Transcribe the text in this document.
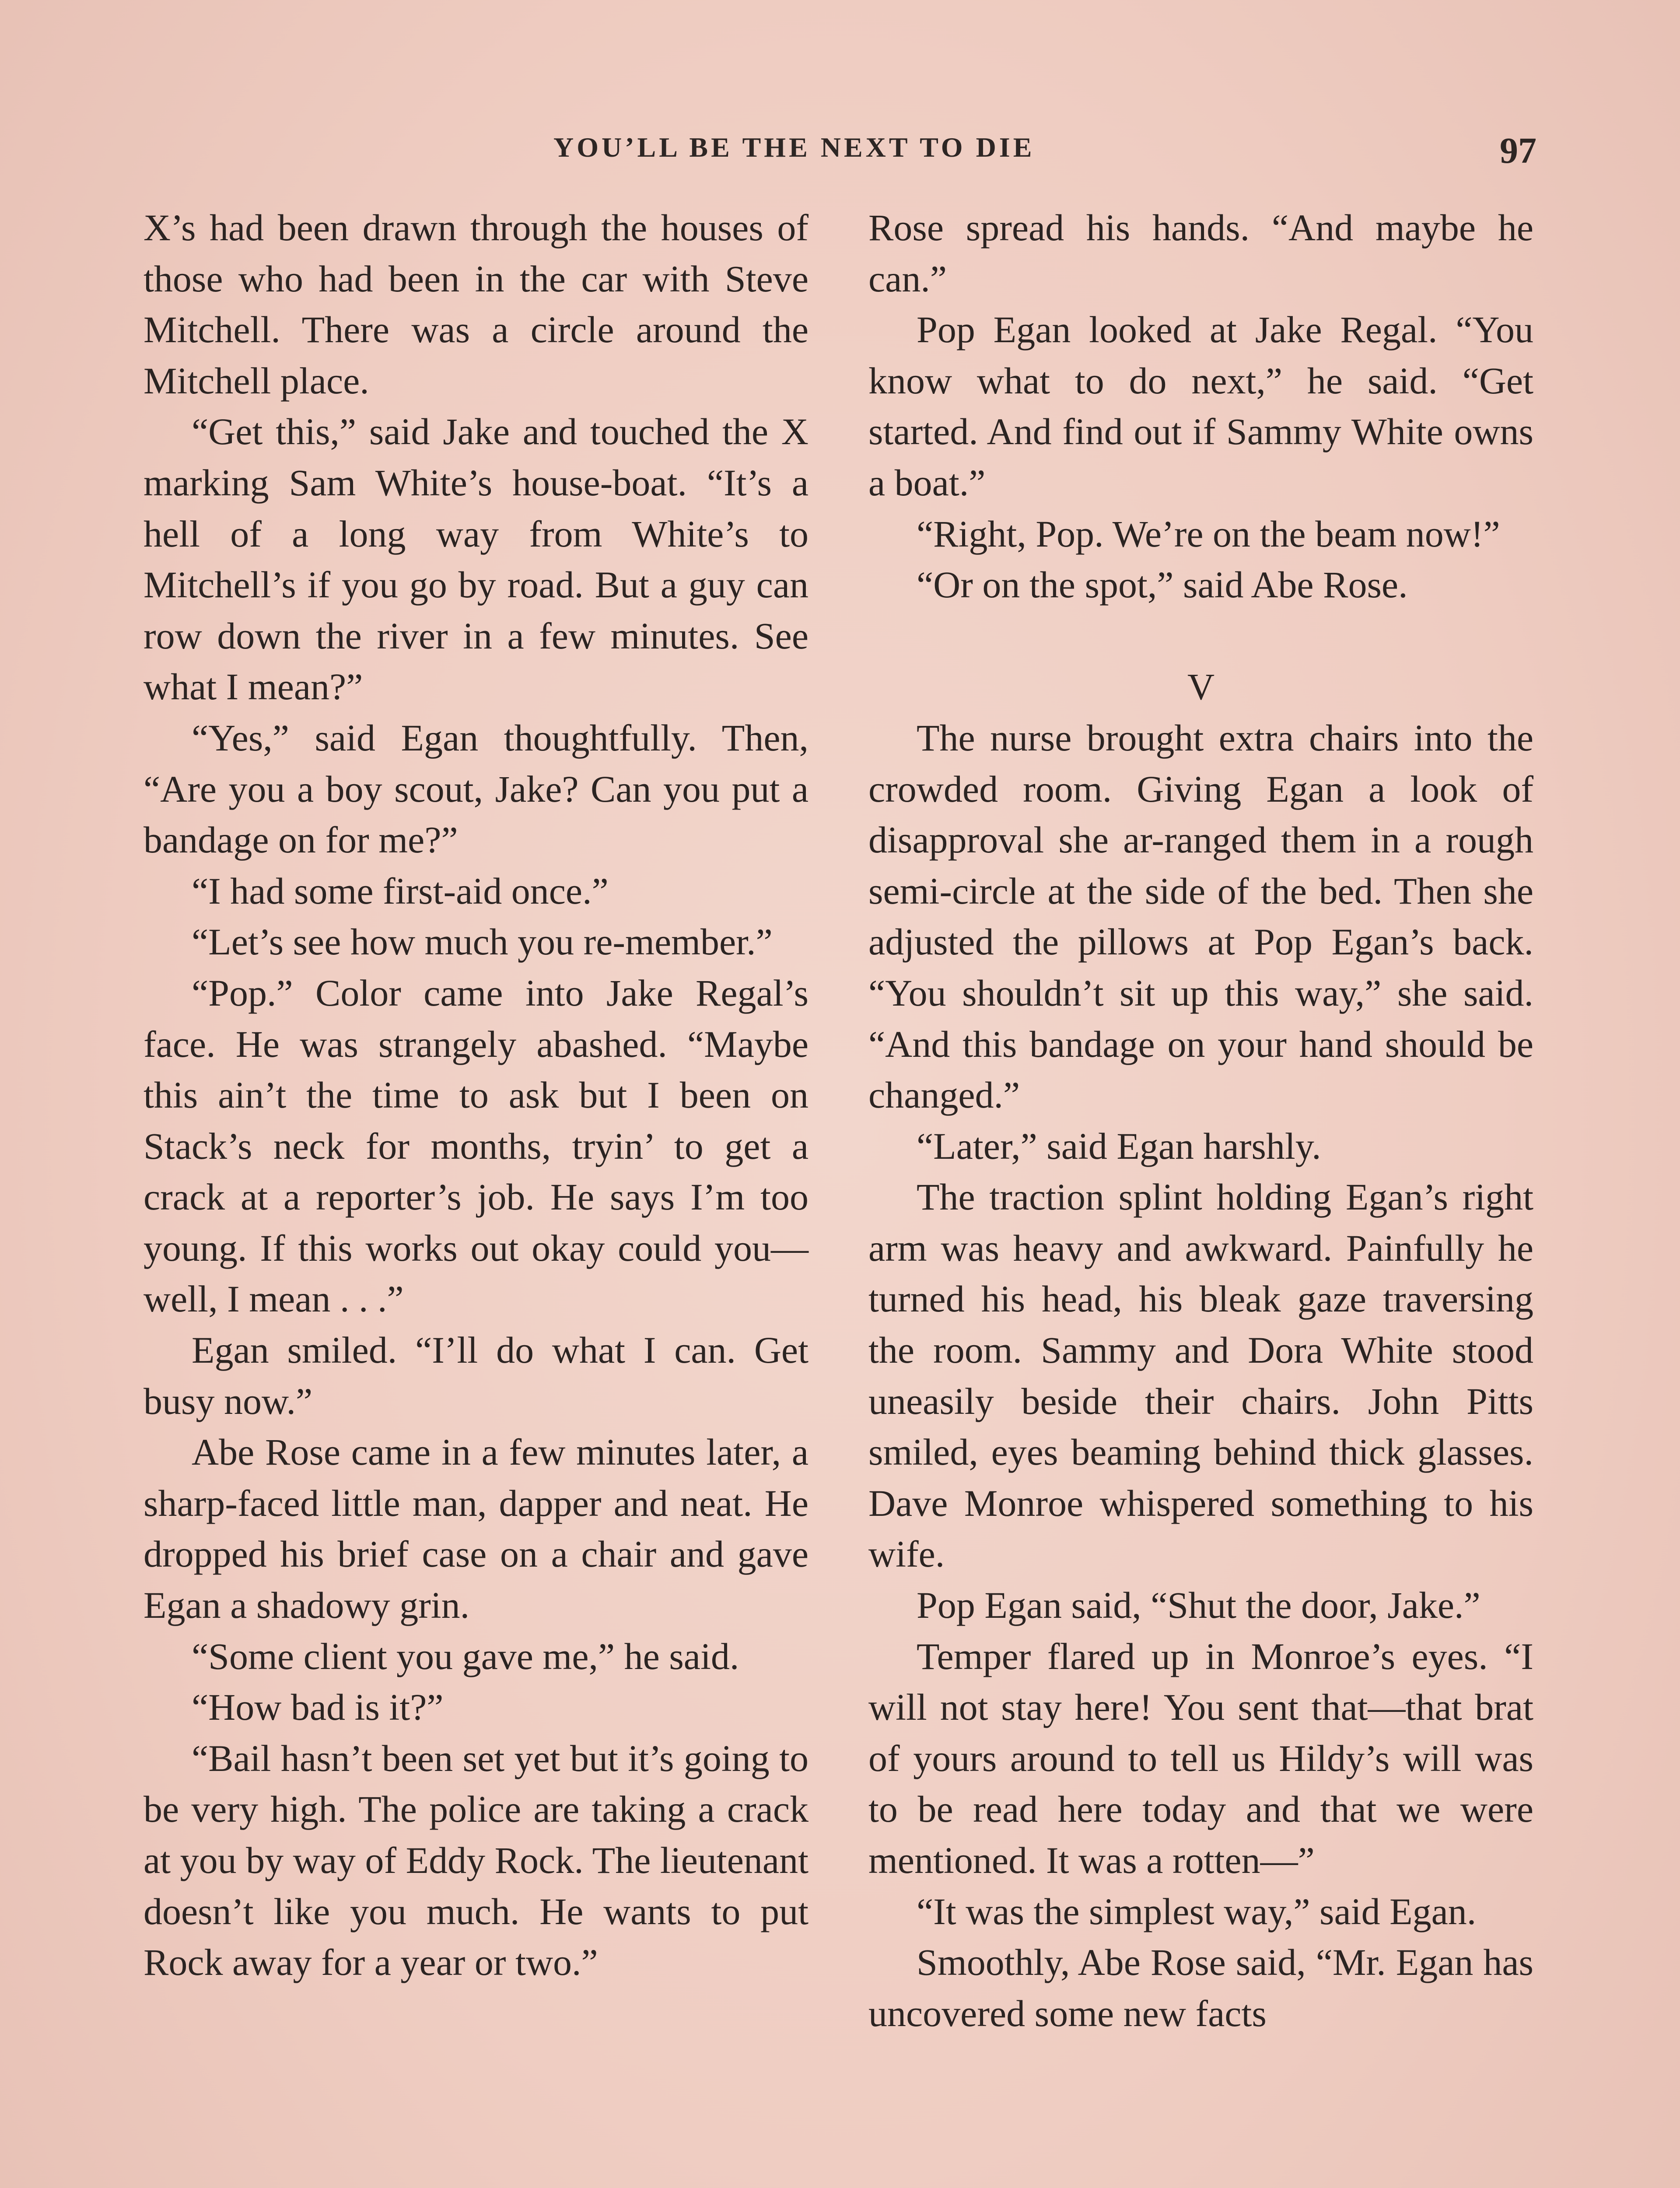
YOU’LL BE THE NEXT TO DIE	97

X’s had been drawn through the houses of those who had been in the car with Steve Mitchell. There was a circle around the Mitchell place.

“Get this,” said Jake and touched the X marking Sam White’s house-boat. “It’s a hell of a long way from White’s to Mitchell’s if you go by road. But a guy can row down the river in a few minutes. See what I mean?”

“Yes,” said Egan thoughtfully. Then, “Are you a boy scout, Jake? Can you put a bandage on for me?”

“I had some first-aid once.”

“Let’s see how much you re-member.”

“Pop.” Color came into Jake Regal’s face. He was strangely abashed. “Maybe this ain’t the time to ask but I been on Stack’s neck for months, tryin’ to get a crack at a reporter’s job. He says I’m too young. If this works out okay could you—well, I mean . . .”

Egan smiled. “I’ll do what I can. Get busy now.”

Abe Rose came in a few minutes later, a sharp-faced little man, dapper and neat. He dropped his brief case on a chair and gave Egan a shadowy grin.

“Some client you gave me,” he said.

“How bad is it?”

“Bail hasn’t been set yet but it’s going to be very high. The police are taking a crack at you by way of Eddy Rock. The lieutenant doesn’t like you much. He wants to put Rock away for a year or two.”

Rose spread his hands. “And maybe he can.”

Pop Egan looked at Jake Regal. “You know what to do next,” he said. “Get started. And find out if Sammy White owns a boat.”

“Right, Pop. We’re on the beam now!”

“Or on the spot,” said Abe Rose.

V

The nurse brought extra chairs into the crowded room. Giving Egan a look of disapproval she ar-ranged them in a rough semi-circle at the side of the bed. Then she adjusted the pillows at Pop Egan’s back. “You shouldn’t sit up this way,” she said. “And this bandage on your hand should be changed.”

“Later,” said Egan harshly.

The traction splint holding Egan’s right arm was heavy and awkward. Painfully he turned his head, his bleak gaze traversing the room. Sammy and Dora White stood uneasily beside their chairs. John Pitts smiled, eyes beaming behind thick glasses. Dave Monroe whispered something to his wife.

Pop Egan said, “Shut the door, Jake.”

Temper flared up in Monroe’s eyes. “I will not stay here! You sent that—that brat of yours around to tell us Hildy’s will was to be read here today and that we were mentioned. It was a rotten—”

“It was the simplest way,” said Egan.

Smoothly, Abe Rose said, “Mr. Egan has uncovered some new facts
